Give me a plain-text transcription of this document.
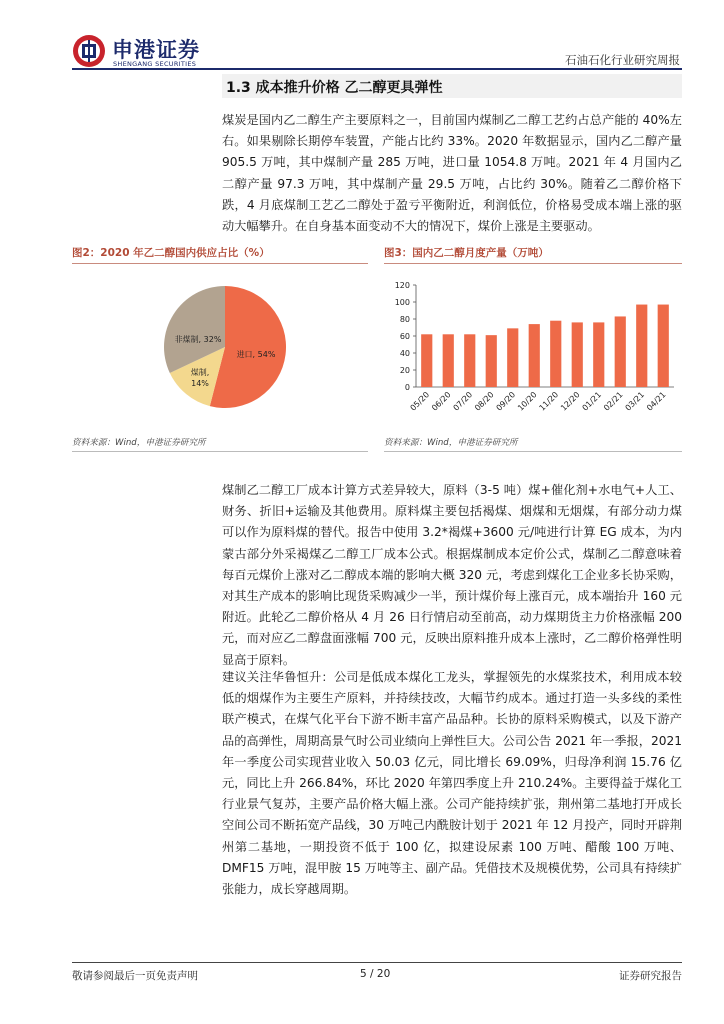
申港证券
SHENGANG SECURITIES	石油石化行业研究周报
1.3 成本推升价格 乙二醇更具弹性

煤炭是国内乙二醇生产主要原料之一，目前国内煤制乙二醇工艺约占总产能的 40%左右。如果剔除长期停车装置，产能占比约 33%。2020 年数据显示，国内乙二醇产量 905.5 万吨，其中煤制产量 285 万吨，进口量 1054.8 万吨。2021 年 4 月国内乙二醇产量 97.3 万吨，其中煤制产量 29.5 万吨，占比约 30%。随着乙二醇价格下跌，4 月底煤制工艺乙二醇处于盈亏平衡附近，利润低位，价格易受成本端上涨的驱动大幅攀升。在自身基本面变动不大的情况下，煤价上涨是主要驱动。

图2：2020 年乙二醇国内供应占比（%）
进口, 54%
煤制,
14%
非煤制, 32%
资料来源：Wind，申港证券研究所
图3：国内乙二醇月度产量（万吨）
0
20
40
60
80
100
120
05/20
06/20
07/20
08/20
09/20
10/20
11/20
12/20
01/21
02/21
03/21
04/21
资料来源：Wind，申港证券研究所

煤制乙二醇工厂成本计算方式差异较大，原料（3-5 吨）煤+催化剂+水电气+人工、财务、折旧+运输及其他费用。原料煤主要包括褐煤、烟煤和无烟煤，有部分动力煤可以作为原料煤的替代。报告中使用 3.2*褐煤+3600 元/吨进行计算 EG 成本，为内蒙古部分外采褐煤乙二醇工厂成本公式。根据煤制成本定价公式，煤制乙二醇意味着每百元煤价上涨对乙二醇成本端的影响大概 320 元，考虑到煤化工企业多长协采购，对其生产成本的影响比现货采购减少一半，预计煤价每上涨百元，成本端抬升 160 元附近。此轮乙二醇价格从 4 月 26 日行情启动至前高，动力煤期货主力价格涨幅 200 元，而对应乙二醇盘面涨幅 700 元，反映出原料推升成本上涨时，乙二醇价格弹性明显高于原料。

建议关注华鲁恒升：公司是低成本煤化工龙头，掌握领先的水煤浆技术，利用成本较低的烟煤作为主要生产原料，并持续技改，大幅节约成本。通过打造一头多线的柔性联产模式，在煤气化平台下游不断丰富产品品种。长协的原料采购模式，以及下游产品的高弹性，周期高景气时公司业绩向上弹性巨大。公司公告 2021 年一季报，2021 年一季度公司实现营业收入 50.03 亿元，同比增长 69.09%，归母净利润 15.76 亿元，同比上升 266.84%，环比 2020 年第四季度上升 210.24%。主要得益于煤化工行业景气复苏，主要产品价格大幅上涨。公司产能持续扩张，荆州第二基地打开成长空间公司不断拓宽产品线，30 万吨己内酰胺计划于 2021 年 12 月投产，同时开辟荆州第二基地，一期投资不低于 100 亿，拟建设尿素 100 万吨、醋酸 100 万吨、DMF15 万吨，混甲胺 15 万吨等主、副产品。凭借技术及规模优势，公司具有持续扩张能力，成长穿越周期。

敬请参阅最后一页免责声明	5 / 20	证券研究报告
